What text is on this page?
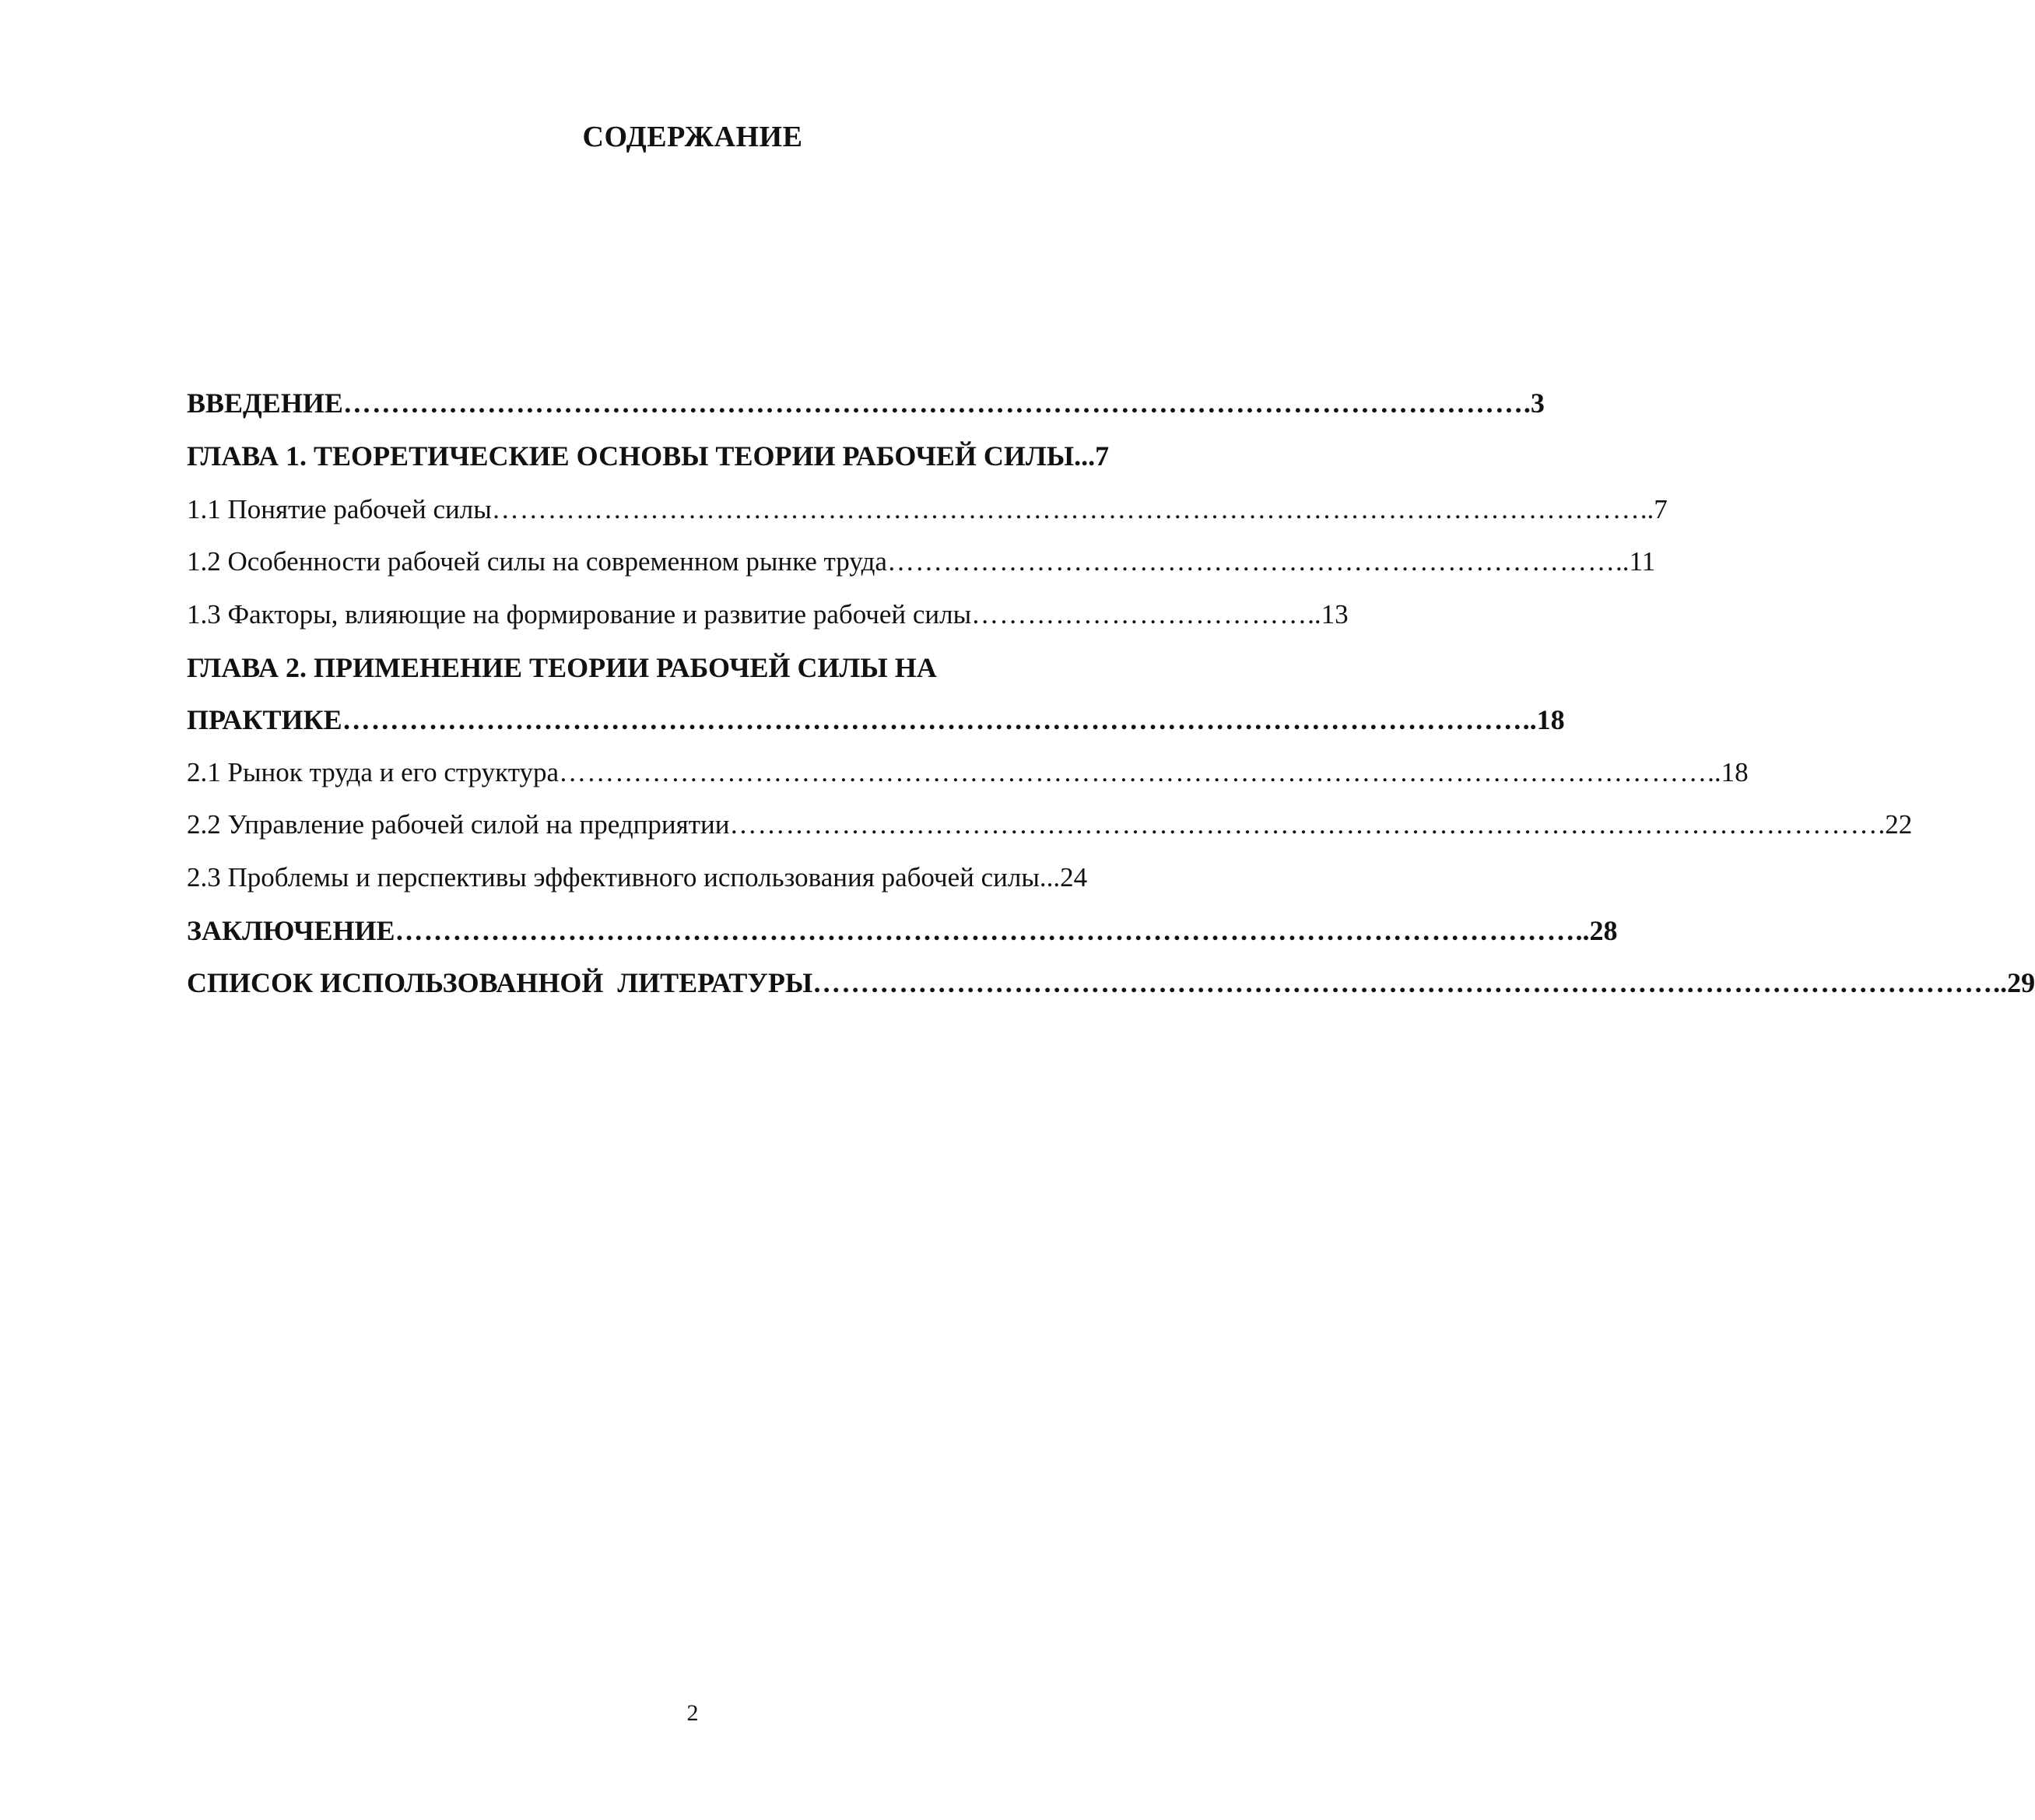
СОДЕРЖАНИЕ
ВВЕДЕНИЕ …………………………………………………………………………………………………………… .3
ГЛАВА 1. ТЕОРЕТИЧЕСКИЕ ОСНОВЫ ТЕОРИИ РАБОЧЕЙ СИЛЫ...7
1.1 Понятие рабочей силы …………………………………………………………………………………………………………… ..7
1.2 Особенности рабочей силы на современном рынке труда …………………………………………………………………… ..11
1.3 Факторы, влияющие на формирование и развитие рабочей силы ……………………………… ..13
ГЛАВА 2. ПРИМЕНЕНИЕ ТЕОРИИ РАБОЧЕЙ СИЛЫ НА
ПРАКТИКЕ …………………………………………………………………………………………………………… ..18
2.1 Рынок труда и его структура …………………………………………………………………………………………………………… ..18
2.2 Управление рабочей силой на предприятии …………………………………………………………………………………………………………… .22
2.3 Проблемы и перспективы эффективного использования рабочей силы...24
ЗАКЛЮЧЕНИЕ …………………………………………………………………………………………………………… ..28
СПИСОК ИСПОЛЬЗОВАННОЙ  ЛИТЕРАТУРЫ …………………………………………………………………………………………………………… ..29
2
